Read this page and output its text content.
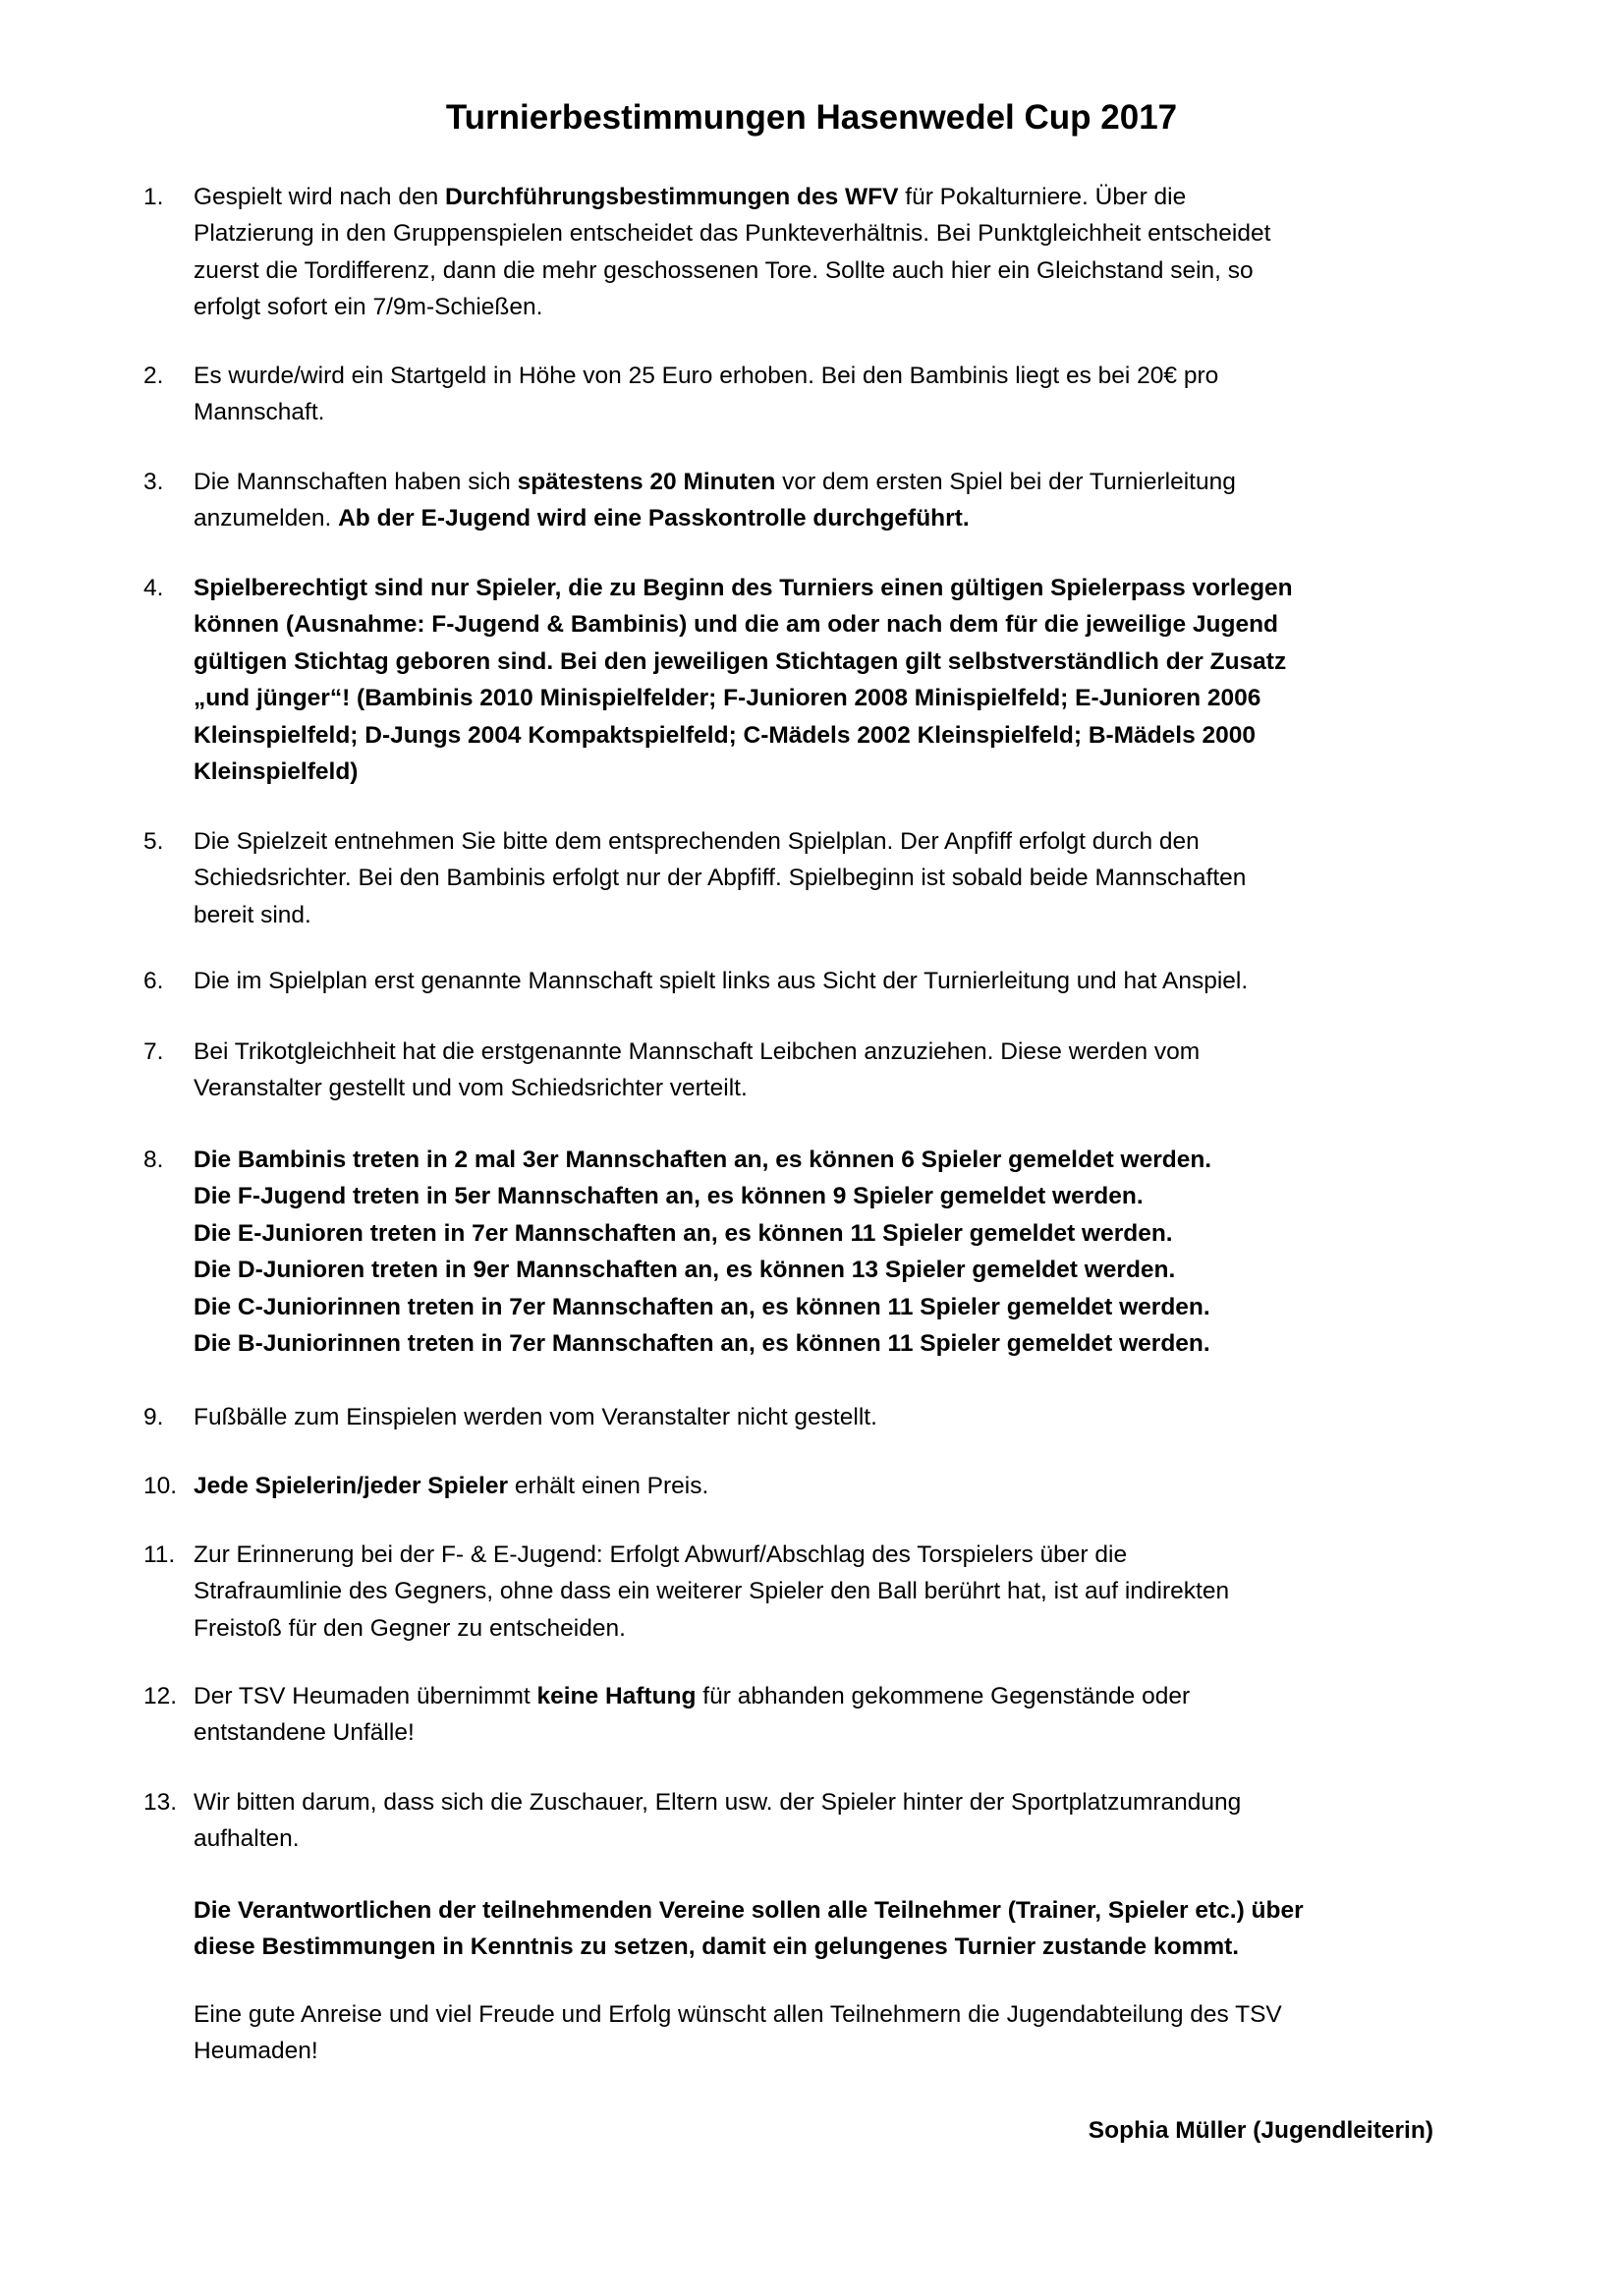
Turnierbestimmungen Hasenwedel Cup 2017
1.	Gespielt wird nach den Durchführungsbestimmungen des WFV für Pokalturniere. Über die
Platzierung in den Gruppenspielen entscheidet das Punkteverhältnis. Bei Punktgleichheit entscheidet
zuerst die Tordifferenz, dann die mehr geschossenen Tore. Sollte auch hier ein Gleichstand sein, so
erfolgt sofort ein 7/9m-Schießen.
2.	Es wurde/wird ein Startgeld in Höhe von 25 Euro erhoben. Bei den Bambinis liegt es bei 20€ pro
Mannschaft.
3.	Die Mannschaften haben sich spätestens 20 Minuten vor dem ersten Spiel bei der Turnierleitung
anzumelden. Ab der E-Jugend wird eine Passkontrolle durchgeführt.
4.	Spielberechtigt sind nur Spieler, die zu Beginn des Turniers einen gültigen Spielerpass vorlegen
können (Ausnahme: F-Jugend & Bambinis) und die am oder nach dem für die jeweilige Jugend
gültigen Stichtag geboren sind. Bei den jeweiligen Stichtagen gilt selbstverständlich der Zusatz
„und jünger“! (Bambinis 2010 Minispielfelder; F-Junioren 2008 Minispielfeld; E-Junioren 2006
Kleinspielfeld; D-Jungs 2004 Kompaktspielfeld; C-Mädels 2002 Kleinspielfeld; B-Mädels 2000
Kleinspielfeld)
5.	Die Spielzeit entnehmen Sie bitte dem entsprechenden Spielplan. Der Anpfiff erfolgt durch den
Schiedsrichter. Bei den Bambinis erfolgt nur der Abpfiff. Spielbeginn ist sobald beide Mannschaften
bereit sind.
6.	Die im Spielplan erst genannte Mannschaft spielt links aus Sicht der Turnierleitung und hat Anspiel.
7.	Bei Trikotgleichheit hat die erstgenannte Mannschaft Leibchen anzuziehen. Diese werden vom
Veranstalter gestellt und vom Schiedsrichter verteilt.
8.	Die Bambinis treten in 2 mal 3er Mannschaften an, es können 6 Spieler gemeldet werden.
Die F-Jugend treten in 5er Mannschaften an, es können 9 Spieler gemeldet werden.
Die E-Junioren treten in 7er Mannschaften an, es können 11 Spieler gemeldet werden.
Die D-Junioren treten in 9er Mannschaften an, es können 13 Spieler gemeldet werden.
Die C-Juniorinnen treten in 7er Mannschaften an, es können 11 Spieler gemeldet werden.
Die B-Juniorinnen treten in 7er Mannschaften an, es können 11 Spieler gemeldet werden.
9.	Fußbälle zum Einspielen werden vom Veranstalter nicht gestellt.
10. Jede Spielerin/jeder Spieler erhält einen Preis.
11. Zur Erinnerung bei der F- & E-Jugend: Erfolgt Abwurf/Abschlag des Torspielers über die
Strafraumlinie des Gegners, ohne dass ein weiterer Spieler den Ball berührt hat, ist auf indirekten
Freistoß für den Gegner zu entscheiden.
12. Der TSV Heumaden übernimmt keine Haftung für abhanden gekommene Gegenstände oder
entstandene Unfälle!
13. Wir bitten darum, dass sich die Zuschauer, Eltern usw. der Spieler hinter der Sportplatzumrandung
aufhalten.
Die Verantwortlichen der teilnehmenden Vereine sollen alle Teilnehmer (Trainer, Spieler etc.) über
diese Bestimmungen in Kenntnis zu setzen, damit ein gelungenes Turnier zustande kommt.
Eine gute Anreise und viel Freude und Erfolg wünscht allen Teilnehmern die Jugendabteilung des TSV
Heumaden!
Sophia Müller (Jugendleiterin)
